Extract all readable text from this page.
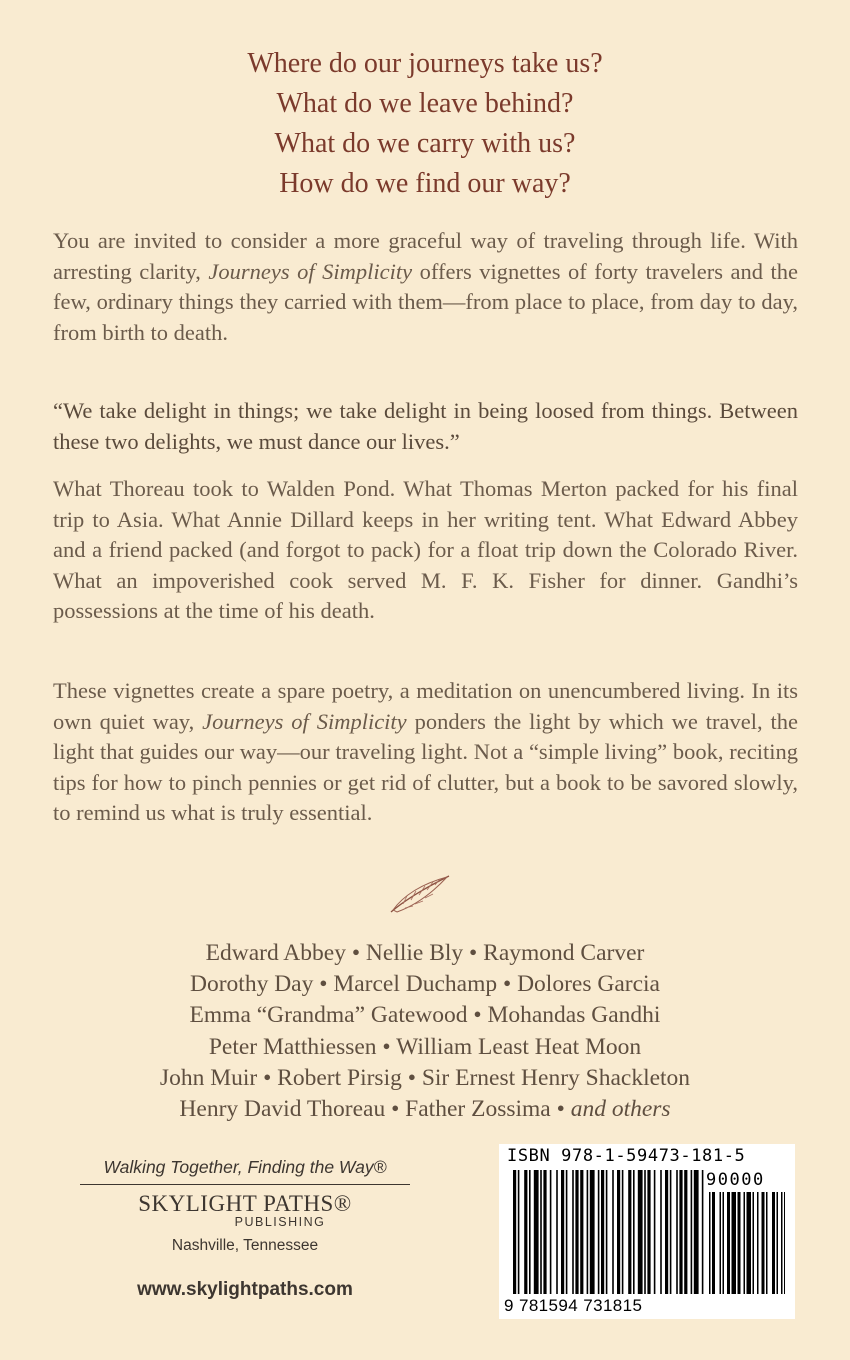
Where do our journeys take us?
What do we leave behind?
What do we carry with us?
How do we find our way?

You are invited to consider a more graceful way of traveling through life. With arresting clarity, Journeys of Simplicity offers vignettes of forty travelers and the few, ordinary things they carried with them—from place to place, from day to day, from birth to death.

“We take delight in things; we take delight in being loosed from things. Between these two delights, we must dance our lives.”

What Thoreau took to Walden Pond. What Thomas Merton packed for his final trip to Asia. What Annie Dillard keeps in her writing tent. What Edward Abbey and a friend packed (and forgot to pack) for a float trip down the Colorado River. What an impoverished cook served M. F. K. Fisher for dinner. Gandhi’s possessions at the time of his death.

These vignettes create a spare poetry, a meditation on unencumbered living. In its own quiet way, Journeys of Simplicity ponders the light by which we travel, the light that guides our way—our traveling light. Not a “simple living” book, reciting tips for how to pinch pennies or get rid of clutter, but a book to be savored slowly, to remind us what is truly essential.

Edward Abbey • Nellie Bly • Raymond Carver
Dorothy Day • Marcel Duchamp • Dolores Garcia
Emma “Grandma” Gatewood • Mohandas Gandhi
Peter Matthiessen • William Least Heat Moon
John Muir • Robert Pirsig • Sir Ernest Henry Shackleton
Henry David Thoreau • Father Zossima • and others
Walking Together, Finding the Way®
SKYLIGHT PATHS®
PUBLISHING
Nashville, Tennessee
www.skylightpaths.com
ISBN 978-1-59473-181-5
90000
9 781594 731815
